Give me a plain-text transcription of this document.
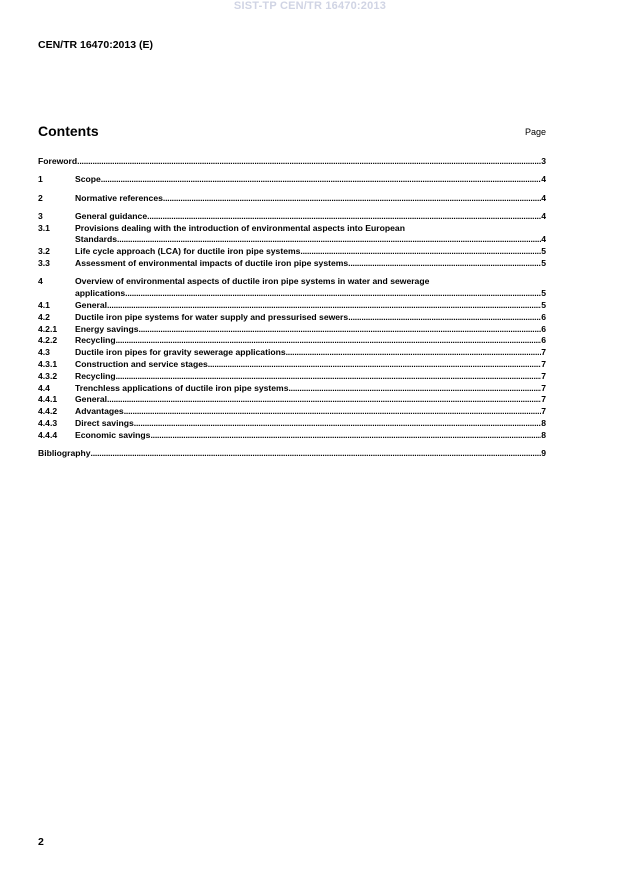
SIST-TP CEN/TR 16470:2013
CEN/TR 16470:2013 (E)
Contents	Page
Foreword .....	3
1	Scope .....	4
2	Normative references .....	4
3	General guidance .....	4
3.1	Provisions dealing with the introduction of environmental aspects into European
Standards .....	4
3.2	Life cycle approach (LCA) for ductile iron pipe systems .....	5
3.3	Assessment of environmental impacts of ductile iron pipe systems .....	5
4	Overview of environmental aspects of ductile iron pipe systems in water and sewerage
applications .....	5
4.1	General .....	5
4.2	Ductile iron pipe systems for water supply and pressurised sewers .....	6
4.2.1	Energy savings .....	6
4.2.2	Recycling .....	6
4.3	Ductile iron pipes for gravity sewerage applications .....	7
4.3.1	Construction and service stages .....	7
4.3.2	Recycling .....	7
4.4	Trenchless applications of ductile iron pipe systems .....	7
4.4.1	General .....	7
4.4.2	Advantages .....	7
4.4.3	Direct savings .....	8
4.4.4	Economic savings .....	8
Bibliography .....	9
2
